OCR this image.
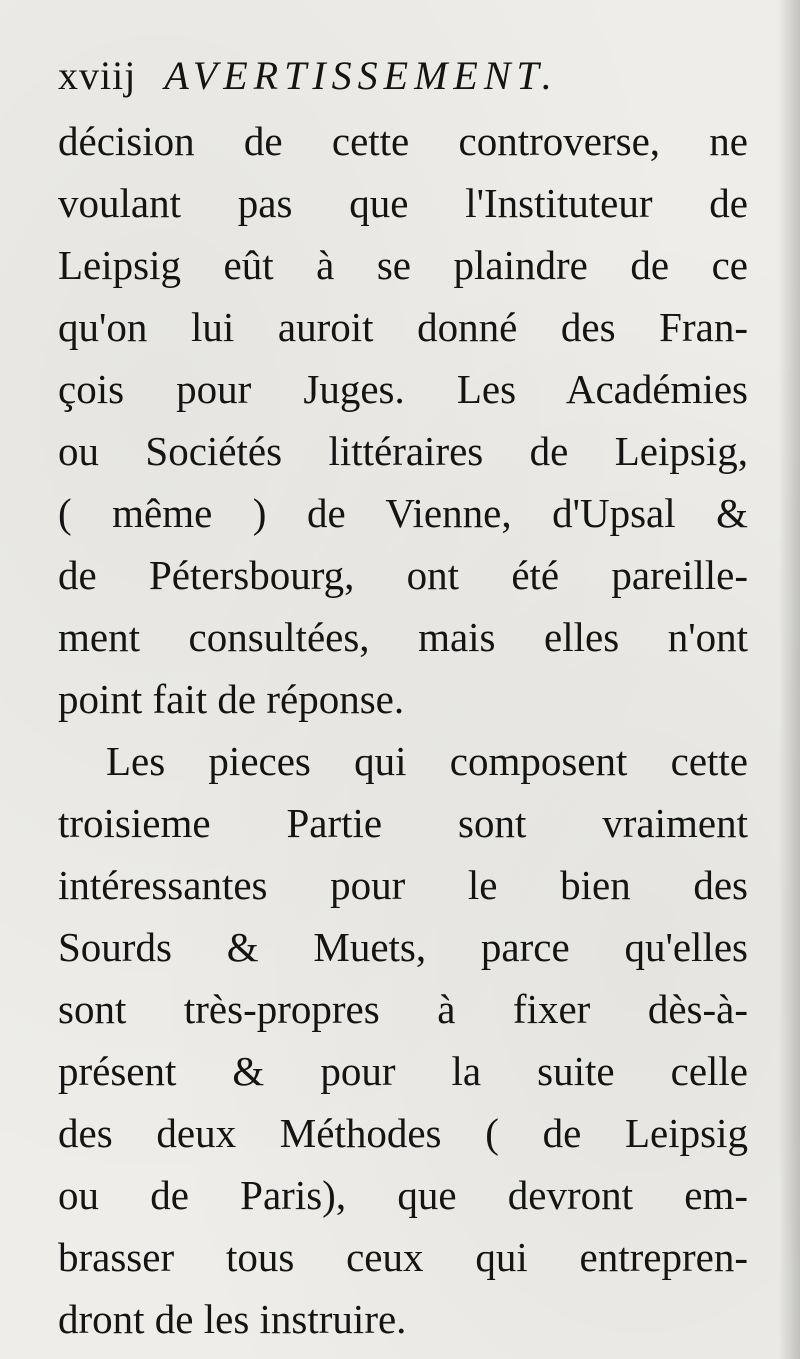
xviij AVERTISSEMENT.
décision de cette controverse, ne
voulant pas que l'Instituteur de
Leipsig eût à se plaindre de ce
qu'on lui auroit donné des Fran-
çois pour Juges. Les Académies
ou Sociétés littéraires de Leipsig,
( même ) de Vienne, d'Upsal &
de Pétersbourg, ont été pareille-
ment consultées, mais elles n'ont
point fait de réponse.
Les pieces qui composent cette
troisieme Partie sont vraiment
intéressantes pour le bien des
Sourds & Muets, parce qu'elles
sont très-propres à fixer dès-à-
présent & pour la suite celle
des deux Méthodes ( de Leipsig
ou de Paris), que devront em-
brasser tous ceux qui entrepren-
dront de les instruire.
